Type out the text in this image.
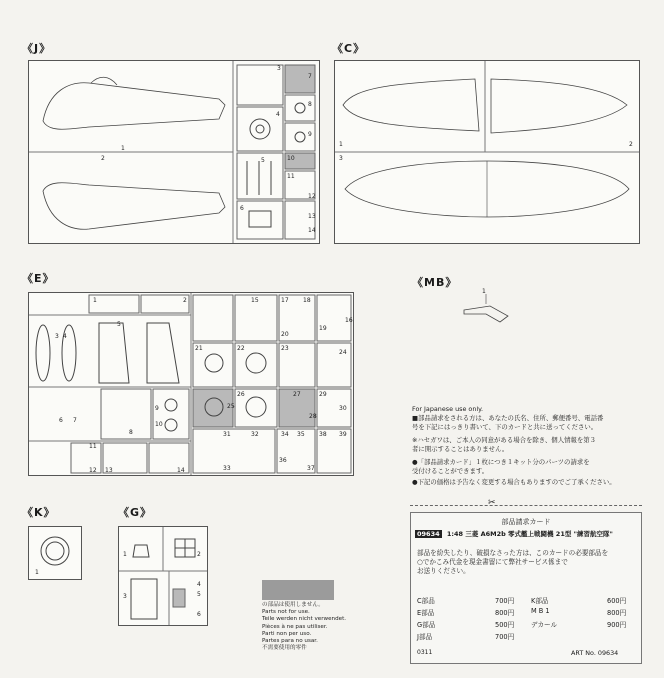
《J》	《C》
《E》	《MB》
《K》	《G》
1
2
3
4
5
6
7
8
9
10
11
12
13
14
1	2
3
1	2
3 4
5
6 7
8
9
10
11
12 13	14
15
16
17 18
19
20
21	22	23
24
25
26	27
28
29
30
31	32
33
34 35
36
37
38 39
1
1
1	2
3
4
5
6
For Japanese use only.
■部品請求をされる方は、あなたの氏名、住所、郵便番号、電話番
号を下記にはっきり書いて、下のカードと共に送ってください。
※ハセガワは、ご本人の同意がある場合を除き、個人情報を第３
者に開示することはありません。
●「部品請求カード」１枚につき１キット分のパーツの請求を
受付けることができます。
●下記の価格は予告なく変更する場合もありますのでご了承ください。
✂
部品請求カード
09634 1:48 三菱 A6M2b 零式艦上戦闘機 21型 "練習航空隊"
部品を紛失したり、破損なさった方は、このカードの必要部品を
○でかこみ代金を現金書留にて弊社サービス係まで
お送りください。
C部品	700円
E部品	800円
G部品	500円
J部品	700円
K部品	600円
M B 1	800円
デカール	900円
0311	ART No. 09634
の部品は使用しません。
Parts not for use.
Teile werden nicht verwendet.
Pièces à ne pas utiliser.
Parti non per uso.
Partes para no usar.
不需要使用的零件
